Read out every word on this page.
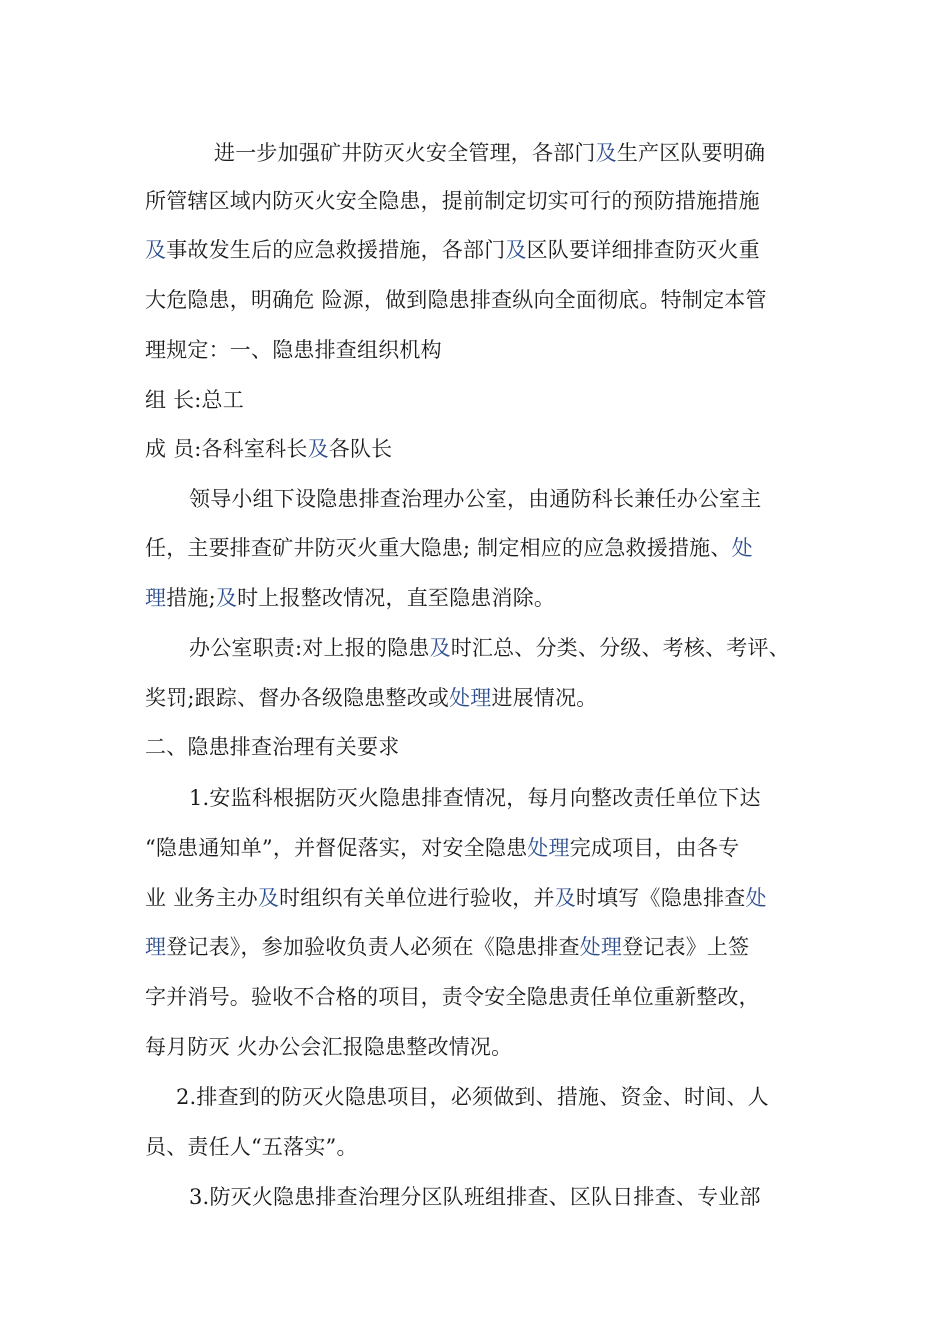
进一步加强矿井防灭火安全管理，各部门及生产区队要明确
所管辖区域内防灭火安全隐患，提前制定切实可行的预防措施措施
及事故发生后的应急救援措施，各部门及区队要详细排查防灭火重
大危隐患，明确危 险源，做到隐患排查纵向全面彻底。特制定本管
理规定：一、隐患排查组织机构
组 长:总工
成 员:各科室科长及各队长
领导小组下设隐患排查治理办公室，由通防科长兼任办公室主
任，主要排查矿井防灭火重大隐患; 制定相应的应急救援措施、处
理措施;及时上报整改情况，直至隐患消除。
办公室职责:对上报的隐患及时汇总、分类、分级、考核、考评、
奖罚;跟踪、督办各级隐患整改或处理进展情况。
二、隐患排查治理有关要求
1.安监科根据防灭火隐患排查情况，每月向整改责任单位下达
“隐患通知单”，并督促落实，对安全隐患处理完成项目，由各专
业 业务主办及时组织有关单位进行验收，并及时填写《隐患排查处
理登记表》，参加验收负责人必须在《隐患排查处理登记表》上签
字并消号。验收不合格的项目，责令安全隐患责任单位重新整改，
每月防灭 火办公会汇报隐患整改情况。
2.排查到的防灭火隐患项目，必须做到、措施、资金、时间、人
员、责任人“五落实”。
3.防灭火隐患排查治理分区队班组排查、区队日排查、专业部
